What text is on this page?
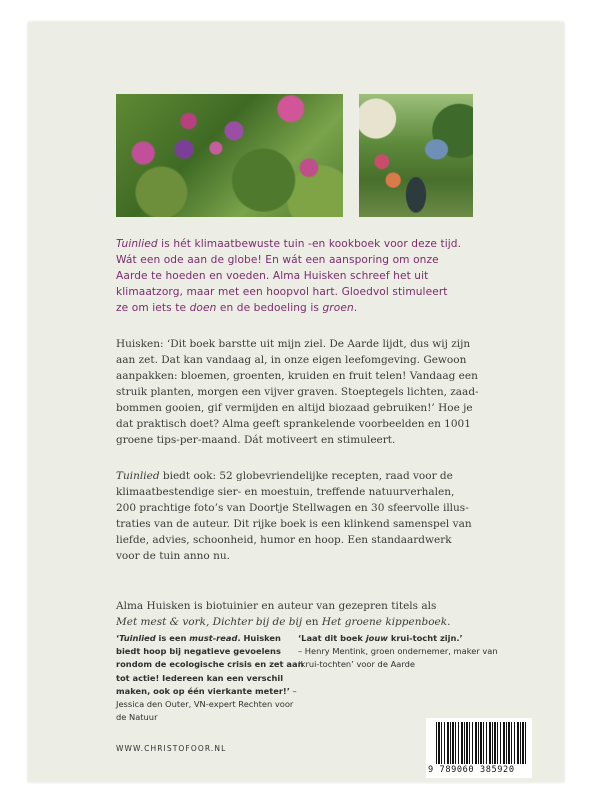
Tuinlied is hét klimaatbewuste tuin -en kookboek voor deze tijd.
Wát een ode aan de globe! En wát een aansporing om onze
Aarde te hoeden en voeden. Alma Huisken schreef het uit
klimaatzorg, maar met een hoopvol hart. Gloedvol stimuleert
ze om iets te doen en de bedoeling is groen.

Huisken: ‘Dit boek barstte uit mijn ziel. De Aarde lijdt, dus wij zijn
aan zet. Dat kan vandaag al, in onze eigen leefomgeving. Gewoon
aanpakken: bloemen, groenten, kruiden en fruit telen! Vandaag een
struik planten, morgen een vijver graven. Stoeptegels lichten, zaad-
bommen gooien, gif vermijden en altijd biozaad gebruiken!’ Hoe je
dat praktisch doet? Alma geeft sprankelende voorbeelden en 1001
groene tips-per-maand. Dát motiveert en stimuleert.

Tuinlied biedt ook: 52 globevriendelijke recepten, raad voor de
klimaatbestendige sier- en moestuin, treffende natuurverhalen,
200 prachtige foto’s van Doortje Stellwagen en 30 sfeervolle illus-
traties van de auteur. Dit rijke boek is een klinkend samenspel van
liefde, advies, schoonheid, humor en hoop. Een standaardwerk
voor de tuin anno nu.

Alma Huisken is biotuinier en auteur van gezepren titels als
Met mest & vork, Dichter bij de bij en Het groene kippenboek.

‘Tuinlied is een must-read. Huisken biedt hoop bij negatieve gevoelens rondom de ecologische crisis en zet aan tot actie! Iedereen kan een verschil maken, ook op één vierkante meter!’ – Jessica den Outer, VN-expert Rechten voor de Natuur

‘Laat dit boek jouw krui-tocht zijn.’
– Henry Mentink, groen ondernemer, maker van ‘krui-tochten’ voor de Aarde

WWW.CHRISTOFOOR.NL
9 789060 385920
